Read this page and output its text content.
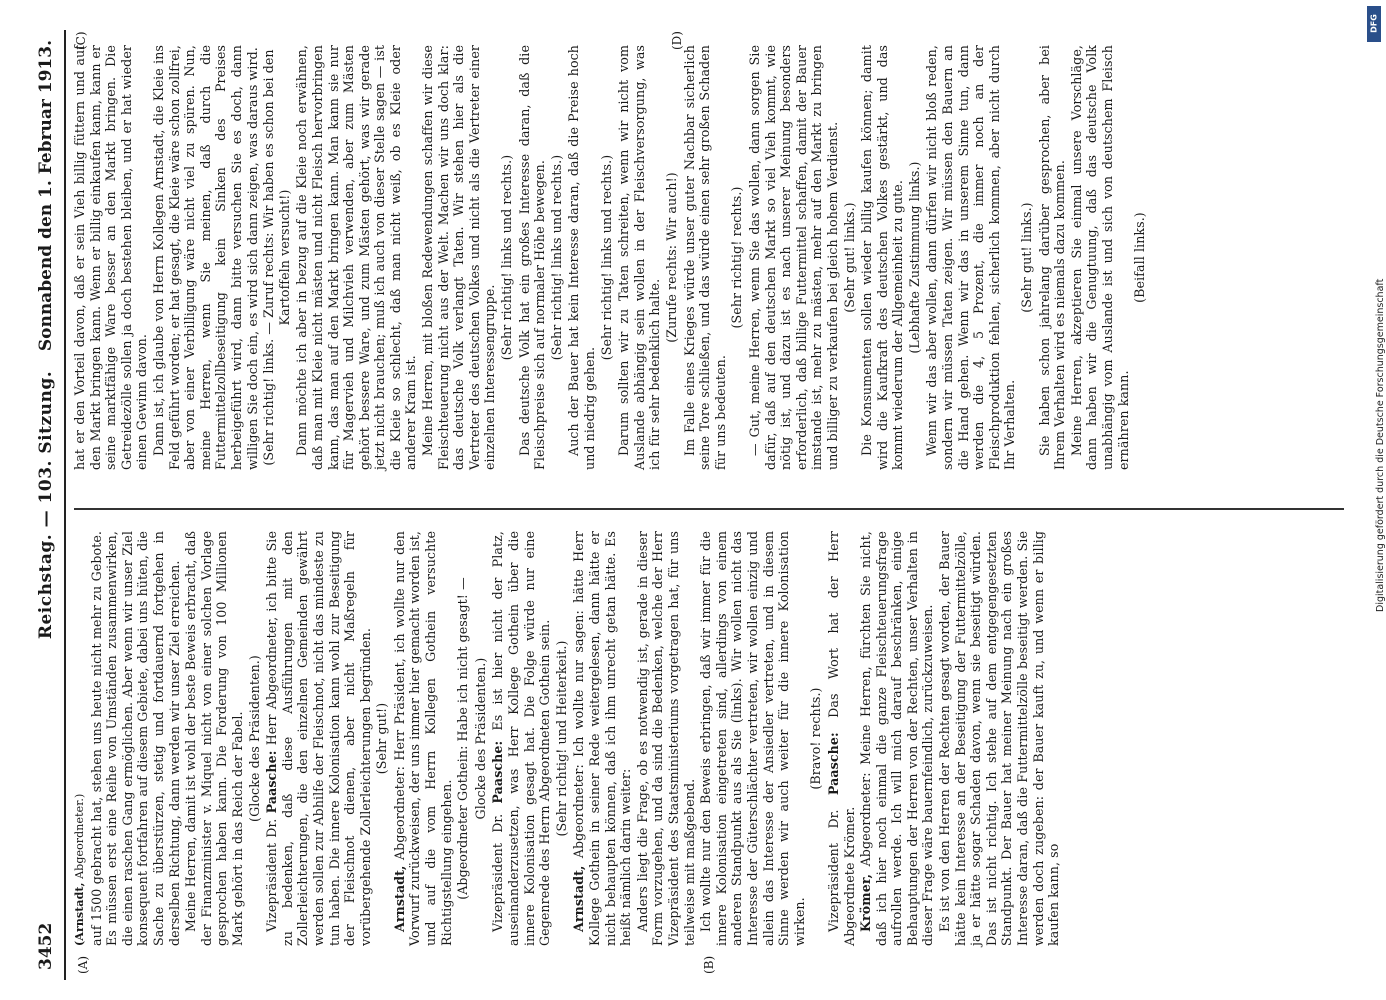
3452
Reichstag. — 103. Sitzung.
Sonnabend den 1. Februar 1913.
(A)	(B)
(C)	(D)

(Arnstadt, Abgeordneter.) auf 1500 gebracht hat, stehen uns heute nicht mehr zu Gebote. Es müssen erst eine Reihe von Umständen zusammenwirken, die einen raschen Gang ermöglichen. Aber wenn wir unser Ziel konsequent fortfahren auf diesem Gebiete, dabei uns hüten, die Sache zu überstürzen, stetig und fortdauernd fortgehen in derselben Richtung, dann werden wir unser Ziel erreichen. Meine Herren, damit ist wohl der beste Beweis erbracht, daß der Finanzminister v. Miquel nicht von einer solchen Vorlage gesprochen haben kann. Die Forderung von 100 Millionen Mark gehört in das Reich der Fabel. (Glocke des Präsidenten.)

Vizepräsident Dr. Paasche: Herr Abgeordneter, ich bitte Sie zu bedenken, daß diese Ausführungen mit den Zollerleichterungen, die den einzelnen Gemeinden gewährt werden sollen zur Abhilfe der Fleischnot, nicht das mindeste zu tun haben. Die innere Kolonisation kann wohl zur Beseitigung der Fleischnot dienen, aber nicht Maßregeln für vorübergehende Zollerleichterungen begründen. (Sehr gut!)

Arnstadt, Abgeordneter: Herr Präsident, ich wollte nur den Vorwurf zurückweisen, der uns immer hier gemacht worden ist, und auf die vom Herrn Kollegen Gothein versuchte Richtigstellung eingehen. (Abgeordneter Gothein: Habe ich nicht gesagt! — Glocke des Präsidenten.)

Vizepräsident Dr. Paasche: Es ist hier nicht der Platz, auseinanderzusetzen, was Herr Kollege Gothein über die innere Kolonisation gesagt hat. Die Folge würde nur eine Gegenrede des Herrn Abgeordneten Gothein sein. (Sehr richtig! und Heiterkeit.)

Arnstadt, Abgeordneter: Ich wollte nur sagen: hätte Herr Kollege Gothein in seiner Rede weitergelesen, dann hätte er nicht behaupten können, daß ich ihm unrecht getan hätte. Es heißt nämlich darin weiter: Anders liegt die Frage, ob es notwendig ist, gerade in dieser Form vorzugehen, und da sind die Bedenken, welche der Herr Vizepräsident des Staatsministeriums vorgetragen hat, für uns teilweise mit maßgebend. Ich wollte nur den Beweis erbringen, daß wir immer für die innere Kolonisation eingetreten sind, allerdings von einem anderen Standpunkt aus als Sie (links). Wir wollen nicht das Interesse der Güterschlächter vertreten, wir wollen einzig und allein das Interesse der Ansiedler vertreten, und in diesem Sinne werden wir auch weiter für die innere Kolonisation wirken.

(Bravo! rechts.)

Vizepräsident Dr. Paasche: Das Wort hat der Herr Abgeordnete Krömer. Krömer, Abgeordneter: Meine Herren, fürchten Sie nicht, daß ich hier noch einmal die ganze Fleischteuerungsfrage aufrollen werde. Ich will mich darauf beschränken, einige Behauptungen der Herren von der Rechten, unser Verhalten in dieser Frage wäre bauernfeindlich, zurückzuweisen. Es ist von den Herren der Rechten gesagt worden, der Bauer hätte kein Interesse an der Beseitigung der Futtermittelzölle, ja er hätte sogar Schaden davon, wenn sie beseitigt würden. Das ist nicht richtig. Ich stehe auf dem entgegengesetzten Standpunkt. Der Bauer hat meiner Meinung nach ein großes Interesse daran, daß die Futtermittelzölle beseitigt werden. Sie werden doch zugeben: der Bauer kauft zu, und wenn er billig kaufen kann, so

hat er den Vorteil davon, daß er sein Vieh billig füttern und auf den Markt bringen kann. Wenn er billig einkaufen kann, kann er seine marktfähige Ware besser an den Markt bringen. Die Getreidezölle sollen ja doch bestehen bleiben, und er hat wieder einen Gewinn davon. Dann ist, ich glaube von Herrn Kollegen Arnstadt, die Kleie ins Feld geführt worden; er hat gesagt, die Kleie wäre schon zollfrei, aber von einer Verbilligung wäre nicht viel zu spüren. Nun, meine Herren, wenn Sie meinen, daß durch die Futtermittelzollbeseitigung kein Sinken des Preises herbeigeführt wird, dann bitte versuchen Sie es doch, dann willigen Sie doch ein, es wird sich dann zeigen, was daraus wird. (Sehr richtig! links. — Zuruf rechts: Wir haben es schon bei den Kartoffeln versucht!) Dann möchte ich aber in bezug auf die Kleie noch erwähnen, daß man mit Kleie nicht mästen und nicht Fleisch hervorbringen kann, das man auf den Markt bringen kann. Man kann sie nur für Magervieh und Milchvieh verwenden, aber zum Mästen gehört bessere Ware, und zum Mästen gehört, was wir gerade jetzt nicht brauchen; muß ich auch von dieser Stelle sagen — ist die Kleie so schlecht, daß man nicht weiß, ob es Kleie oder anderer Kram ist. Meine Herren, mit bloßen Redewendungen schaffen wir diese Fleischteuerung nicht aus der Welt. Machen wir uns doch klar: das deutsche Volk verlangt Taten. Wir stehen hier als die Vertreter des deutschen Volkes und nicht als die Vertreter einer einzelnen Interessengruppe.

(Sehr richtig! links und rechts.) Das deutsche Volk hat ein großes Interesse daran, daß die Fleischpreise sich auf normaler Höhe bewegen. (Sehr richtig! links und rechts.) Auch der Bauer hat kein Interesse daran, daß die Preise hoch und niedrig gehen.

(Sehr richtig! links und rechts.) Darum sollten wir zu Taten schreiten, wenn wir nicht vom Auslande abhängig sein wollen in der Fleischversorgung, was ich für sehr bedenklich halte.

(Zurufe rechts: Wir auch!) Im Falle eines Krieges würde unser guter Nachbar sicherlich seine Tore schließen, und das würde einen sehr großen Schaden für uns bedeuten.

(Sehr richtig! rechts.) — Gut, meine Herren, wenn Sie das wollen, dann sorgen Sie dafür, daß auf den deutschen Markt so viel Vieh kommt, wie nötig ist, und dazu ist es nach unserer Meinung besonders erforderlich, daß billige Futtermittel schaffen, damit der Bauer imstande ist, mehr zu mästen, mehr auf den Markt zu bringen und billiger zu verkaufen bei gleich hohem Verdienst. (Sehr gut! links.) Die Konsumenten sollen wieder billig kaufen können; damit wird die Kaufkraft des deutschen Volkes gestärkt, und das kommt wiederum der Allgemeinheit zu gute. (Lebhafte Zustimmung links.) Wenn wir das aber wollen, dann dürfen wir nicht bloß reden, sondern wir müssen Taten zeigen. Wir müssen den Bauern an die Hand gehen. Wenn wir das in unserem Sinne tun, dann werden die 4, 5 Prozent, die immer noch an der Fleischproduktion fehlen, sicherlich kommen, aber nicht durch Ihr Verhalten.

(Sehr gut! links.) Sie haben schon jahrelang darüber gesprochen, aber bei Ihrem Verhalten wird es niemals dazu kommen. Meine Herren, akzeptieren Sie einmal unsere Vorschläge, dann haben wir die Genugtuung, daß das deutsche Volk unabhängig vom Auslande ist und sich von deutschem Fleisch ernähren kann.

(Beifall links.)

DFG
Digitalisierung gefördert durch die Deutsche Forschungsgemeinschaft
